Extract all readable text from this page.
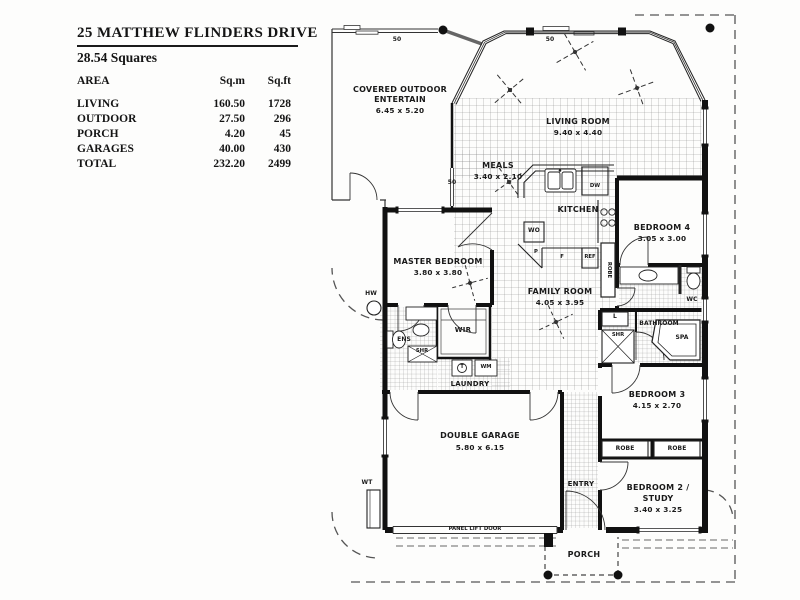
25 MATTHEW FLINDERS DRIVE
28.54 Squares
AREA	Sq.m	Sq.ft
LIVING	160.50	1728
OUTDOOR	27.50	296
PORCH	4.20	45
GARAGES	40.00	430
TOTAL	232.20	2499
COVERED OUTDOOR
ENTERTAIN
6.45 x 5.20
LIVING ROOM
9.40 x 4.40
MEALS
3.40 x 2.10
KITCHEN
BEDROOM 4
3.05 x 3.00
MASTER BEDROOM
3.80 x 3.80
FAMILY ROOM
4.05 x 3.95
BEDROOM 3
4.15 x 2.70
BEDROOM 2 /
STUDY
3.40 x 3.25
DOUBLE GARAGE
5.80 x 6.15
ENTRY
PORCH
LAUNDRY
WIR
ENS
SHR
SHR
L
BATHROOM
SPA
WC
ROBE
ROBE	ROBE
WO
P
F	REF
DW
T	WM
HW
WT
PANEL LIFT DOOR
50	50
50
